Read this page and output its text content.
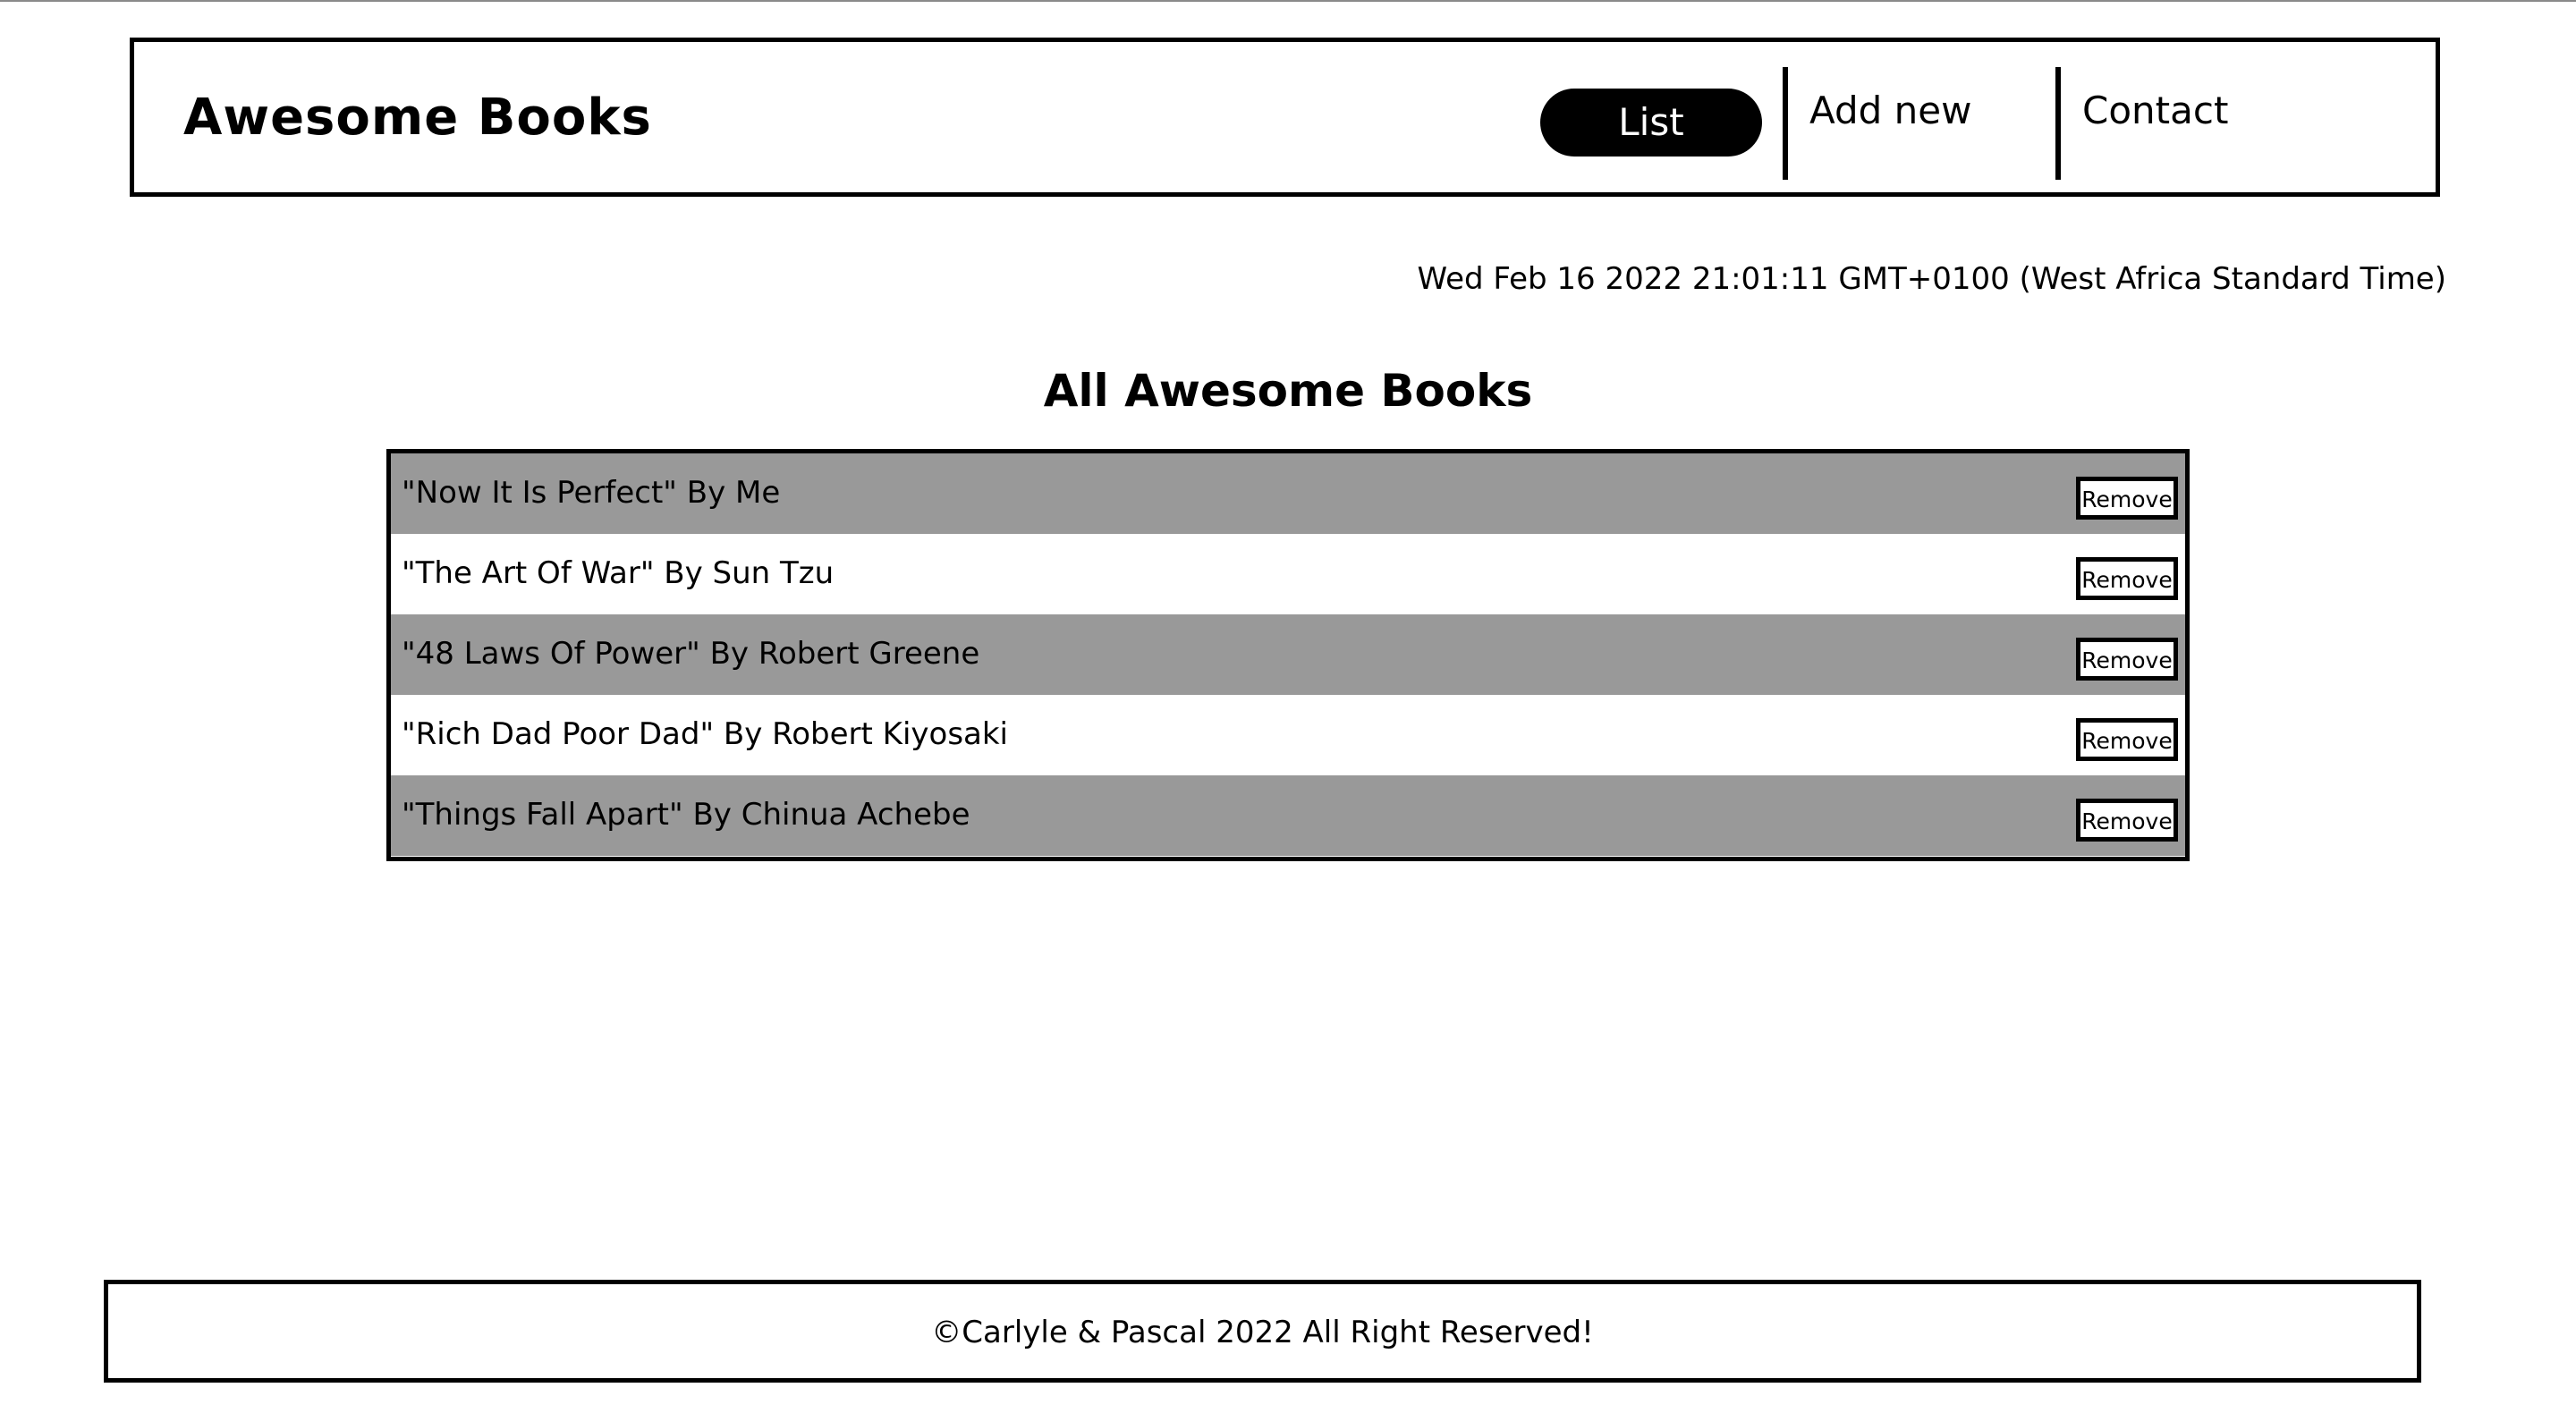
Awesome Books	List	Add new	Contact
Wed Feb 16 2022 21:01:11 GMT+0100 (West Africa Standard Time)
All Awesome Books
"Now It Is Perfect" By Me	Remove
"The Art Of War" By Sun Tzu	Remove
"48 Laws Of Power" By Robert Greene	Remove
"Rich Dad Poor Dad" By Robert Kiyosaki	Remove
"Things Fall Apart" By Chinua Achebe	Remove
©Carlyle & Pascal 2022 All Right Reserved!
